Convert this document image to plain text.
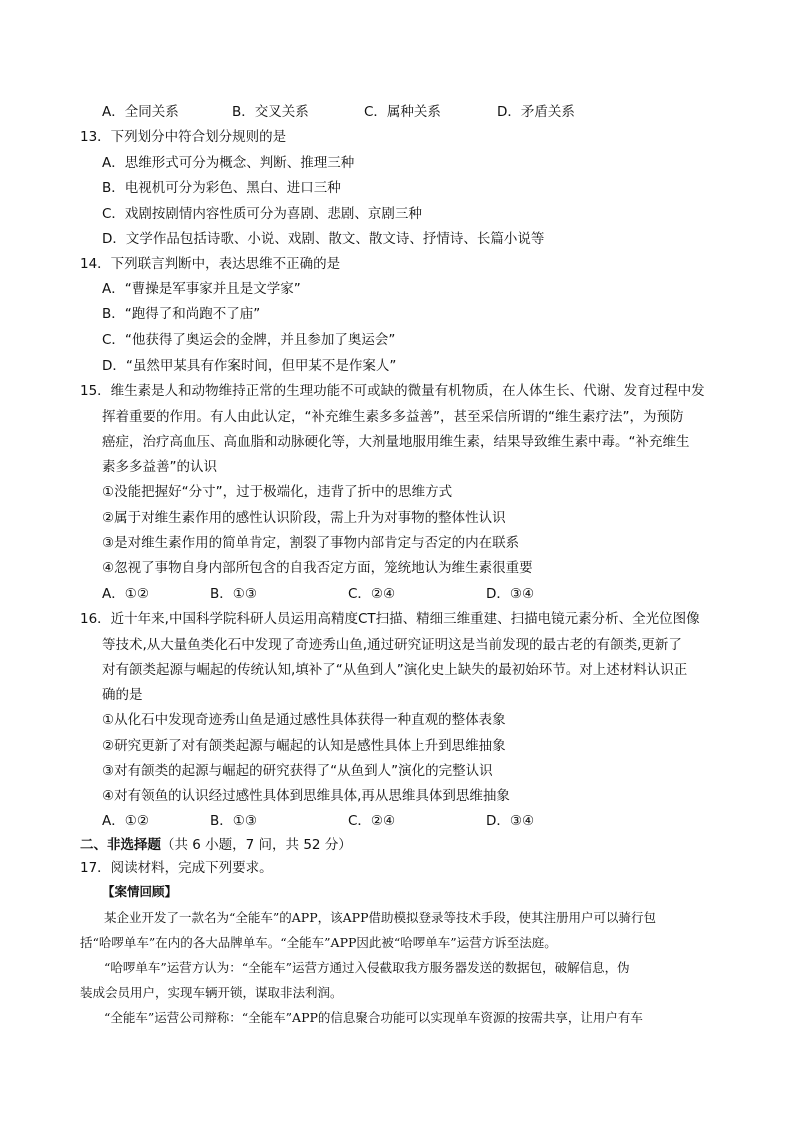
A．全同关系	B．交叉关系	C．属种关系	D．矛盾关系
13．下列划分中符合划分规则的是
A．思维形式可分为概念、判断、推理三种
B．电视机可分为彩色、黑白、进口三种
C．戏剧按剧情内容性质可分为喜剧、悲剧、京剧三种
D．文学作品包括诗歌、小说、戏剧、散文、散文诗、抒情诗、长篇小说等
14．下列联言判断中，表达思维不正确的是
A．“曹操是军事家并且是文学家”
B．“跑得了和尚跑不了庙”
C．“他获得了奥运会的金牌，并且参加了奥运会”
D．“虽然甲某具有作案时间，但甲某不是作案人”
15．维生素是人和动物维持正常的生理功能不可或缺的微量有机物质，在人体生长、代谢、发育过程中发
挥着重要的作用。有人由此认定，“补充维生素多多益善”，甚至采信所谓的“维生素疗法”，为预防
癌症，治疗高血压、高血脂和动脉硬化等，大剂量地服用维生素，结果导致维生素中毒。“补充维生
素多多益善”的认识
①没能把握好“分寸”，过于极端化，违背了折中的思维方式
②属于对维生素作用的感性认识阶段，需上升为对事物的整体性认识
③是对维生素作用的简单肯定，割裂了事物内部肯定与否定的内在联系
④忽视了事物自身内部所包含的自我否定方面，笼统地认为维生素很重要
A．①②	B．①③	C．②④	D．③④
16．近十年来,中国科学院科研人员运用高精度CT扫描、精细三维重建、扫描电镜元素分析、全光位图像
等技术,从大量鱼类化石中发现了奇迹秀山鱼,通过研究证明这是当前发现的最古老的有颌类,更新了
对有颌类起源与崛起的传统认知,填补了“从鱼到人”演化史上缺失的最初始环节。对上述材料认识正
确的是
①从化石中发现奇迹秀山鱼是通过感性具体获得一种直观的整体表象
②研究更新了对有颌类起源与崛起的认知是感性具体上升到思维抽象
③对有颌类的起源与崛起的研究获得了“从鱼到人”演化的完整认识
④对有领鱼的认识经过感性具体到思维具体,再从思维具体到思维抽象
A．①②	B．①③	C．②④	D．③④
二、非选择题（共 6 小题，7 问，共 52 分）
17．阅读材料，完成下列要求。
【案情回顾】
某企业开发了一款名为“全能车”的APP，该APP借助模拟登录等技术手段，使其注册用户可以骑行包
括“哈啰单车”在内的各大品牌单车。“全能车”APP因此被“哈啰单车”运营方诉至法庭。
“哈啰单车”运营方认为：“全能车”运营方通过入侵截取我方服务器发送的数据包，破解信息，伪
装成会员用户，实现车辆开锁，谋取非法利润。
“全能车”运营公司辩称：“全能车”APP的信息聚合功能可以实现单车资源的按需共享，让用户有车
